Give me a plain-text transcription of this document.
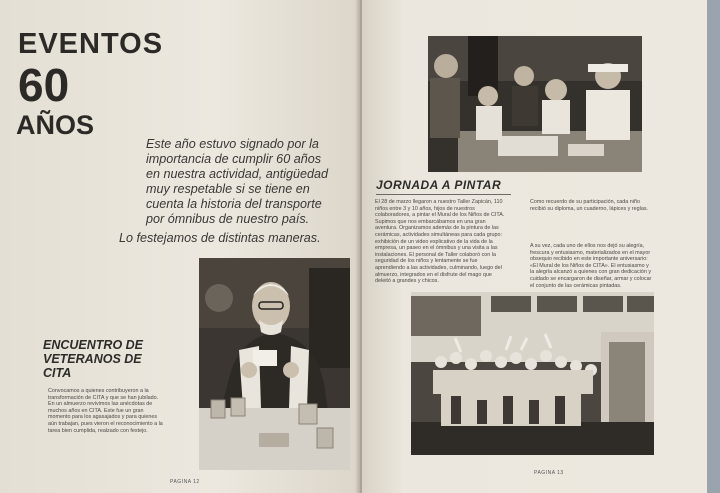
EVENTOS
60
AÑOS

Este año estuvo signado por la importancia de cumplir 60 años en nuestra actividad, antigüedad muy respetable si se tiene en cuenta la historia del transporte por ómnibus de nuestro país.

Lo festejamos de distintas maneras.

ENCUENTRO DE VETERANOS DE CITA

Convocamos a quienes contribuyeron a la transformación de CITA y que se han jubilado. En un almuerzo revivimos las anécdotas de muchos años en CITA. Este fue un gran momento para los agasajados y para quienes aún trabajan, pues vieron el reconocimiento a la tarea bien cumplida, realzado con festejo.

PAGINA 12
JORNADA A PINTAR

El 28 de marzo llegaron a nuestro Taller Zapicán, 110 niños entre 3 y 10 años, hijos de nuestros colaboradores, a pintar el Mural de los Niños de CITA. Supimos que nos embarcábamos en una gran aventura. Organizamos además de la pintura de las cerámicas, actividades simultáneas para cada grupo: exhibición de un video explicativo de la vida de la empresa, un paseo en el ómnibus y una visita a las instalaciones. El personal de Taller colaboró con la seguridad de los niños y lentamente se fue aprendiendo a las actividades, culminando, luego del almuerzo, integrados en el disfrute del mago que deleitó a grandes y chicos.

Como recuerdo de su participación, cada niño recibió su diploma, un cuaderno, lápices y reglas.

A su vez, cada uno de ellos nos dejó su alegría, frescura y entusiasmo, materializados en el mayor obsequio recibido en este importante aniversario: «El Mural de los Niños de CITA». El entusiasmo y la alegría alcanzó a quienes con gran dedicación y cuidado se encargaron de diseñar, armar y colocar el conjunto de las cerámicas pintadas.

PAGINA 13
